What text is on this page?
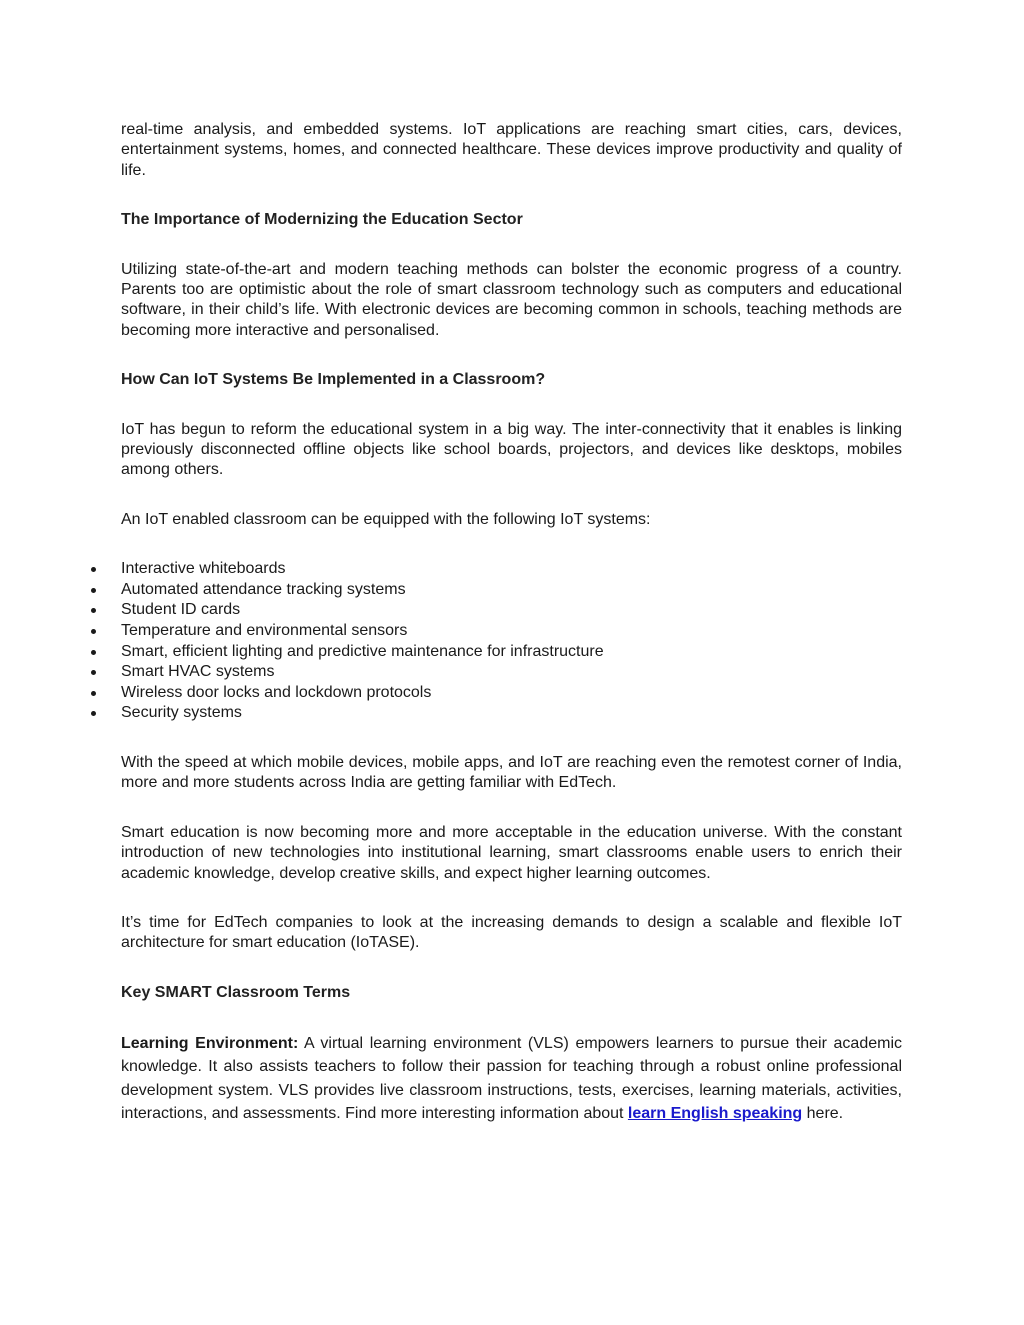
real-time analysis, and embedded systems. IoT applications are reaching smart cities, cars, devices, entertainment systems, homes, and connected healthcare. These devices improve productivity and quality of life.

The Importance of Modernizing the Education Sector

Utilizing state-of-the-art and modern teaching methods can bolster the economic progress of a country. Parents too are optimistic about the role of smart classroom technology such as computers and educational software, in their child’s life. With electronic devices are becoming common in schools, teaching methods are becoming more interactive and personalised.

How Can IoT Systems Be Implemented in a Classroom?

IoT has begun to reform the educational system in a big way. The inter-connectivity that it enables is linking previously disconnected offline objects like school boards, projectors, and devices like desktops, mobiles among others.

An IoT enabled classroom can be equipped with the following IoT systems:

Interactive whiteboards
Automated attendance tracking systems
Student ID cards
Temperature and environmental sensors
Smart, efficient lighting and predictive maintenance for infrastructure
Smart HVAC systems
Wireless door locks and lockdown protocols
Security systems

With the speed at which mobile devices, mobile apps, and IoT are reaching even the remotest corner of India, more and more students across India are getting familiar with EdTech.

Smart education is now becoming more and more acceptable in the education universe. With the constant introduction of new technologies into institutional learning, smart classrooms enable users to enrich their academic knowledge, develop creative skills, and expect higher learning outcomes.

It’s time for EdTech companies to look at the increasing demands to design a scalable and flexible IoT architecture for smart education (IoTASE).

Key SMART Classroom Terms

Learning Environment: A virtual learning environment (VLS) empowers learners to pursue their academic knowledge. It also assists teachers to follow their passion for teaching through a robust online professional development system. VLS provides live classroom instructions, tests, exercises, learning materials, activities, interactions, and assessments. Find more interesting information about learn English speaking here.
